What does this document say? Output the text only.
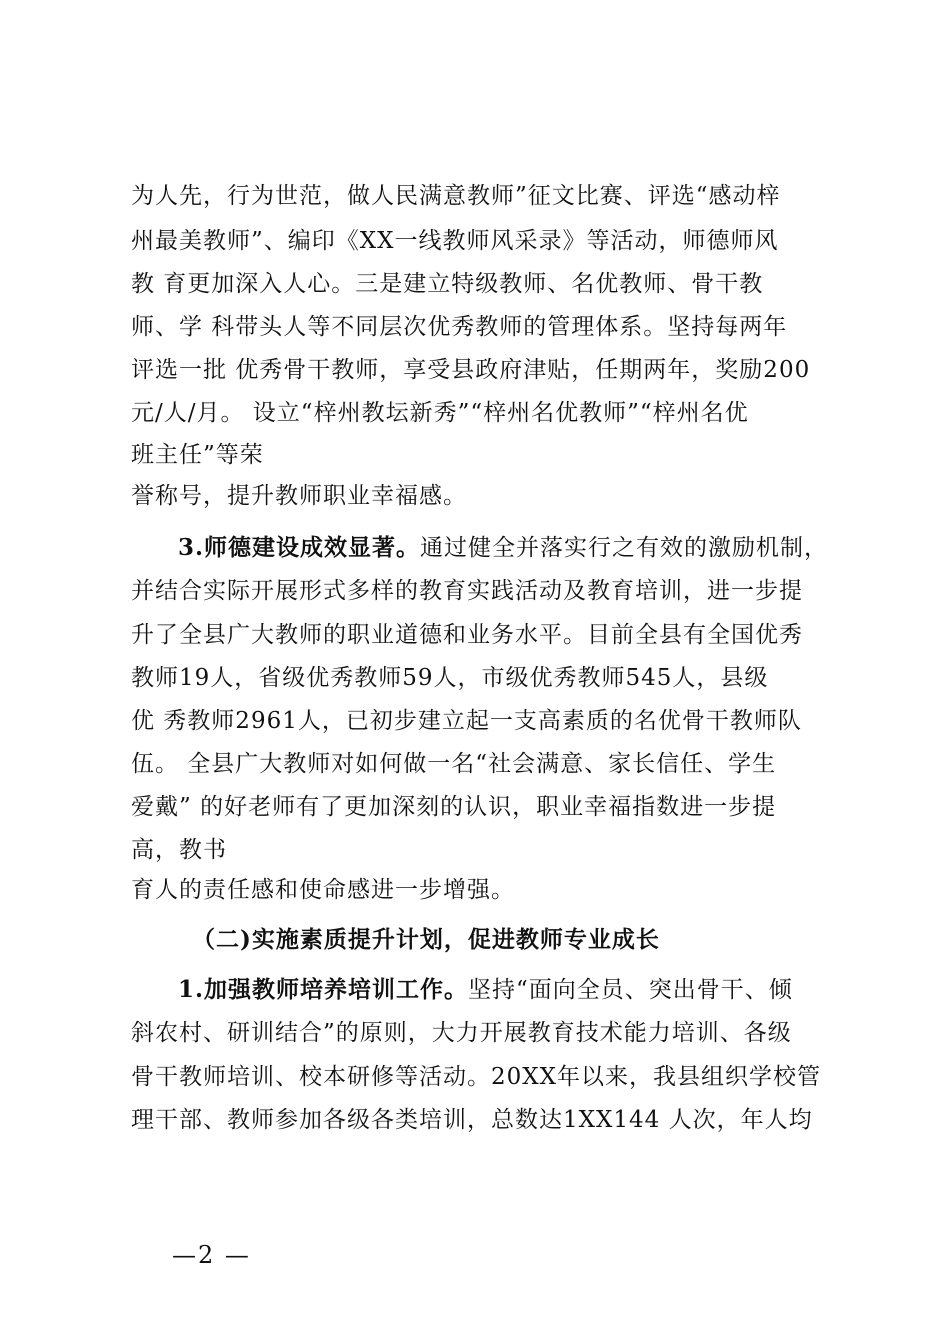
为人先，行为世范，做人民满意教师”征文比赛、评选“感动梓
州最美教师”、编印《XX一线教师风采录》等活动，师德师风
教 育更加深入人心。三是建立特级教师、名优教师、骨干教
师、学 科带头人等不同层次优秀教师的管理体系。坚持每两年
评选一批 优秀骨干教师，享受县政府津贴，任期两年，奖励200
元/人/月。 设立“梓州教坛新秀”“梓州名优教师”“梓州名优
班主任”等荣
誉称号，提升教师职业幸福感。
3.师德建设成效显著。通过健全并落实行之有效的激励机制，
并结合实际开展形式多样的教育实践活动及教育培训，进一步提
升了全县广大教师的职业道德和业务水平。目前全县有全国优秀
教师19人，省级优秀教师59人，市级优秀教师545人，县级
优 秀教师2961人，已初步建立起一支高素质的名优骨干教师队
伍。 全县广大教师对如何做一名“社会满意、家长信任、学生
爱戴” 的好老师有了更加深刻的认识，职业幸福指数进一步提
高，教书
育人的责任感和使命感进一步增强。
（二)实施素质提升计划，促进教师专业成长
1.加强教师培养培训工作。坚持“面向全员、突出骨干、倾
斜农村、研训结合”的原则，大力开展教育技术能力培训、各级
骨干教师培训、校本研修等活动。20XX年以来，我县组织学校管
理干部、教师参加各级各类培训，总数达1XX144 人次，年人均
—2 —
